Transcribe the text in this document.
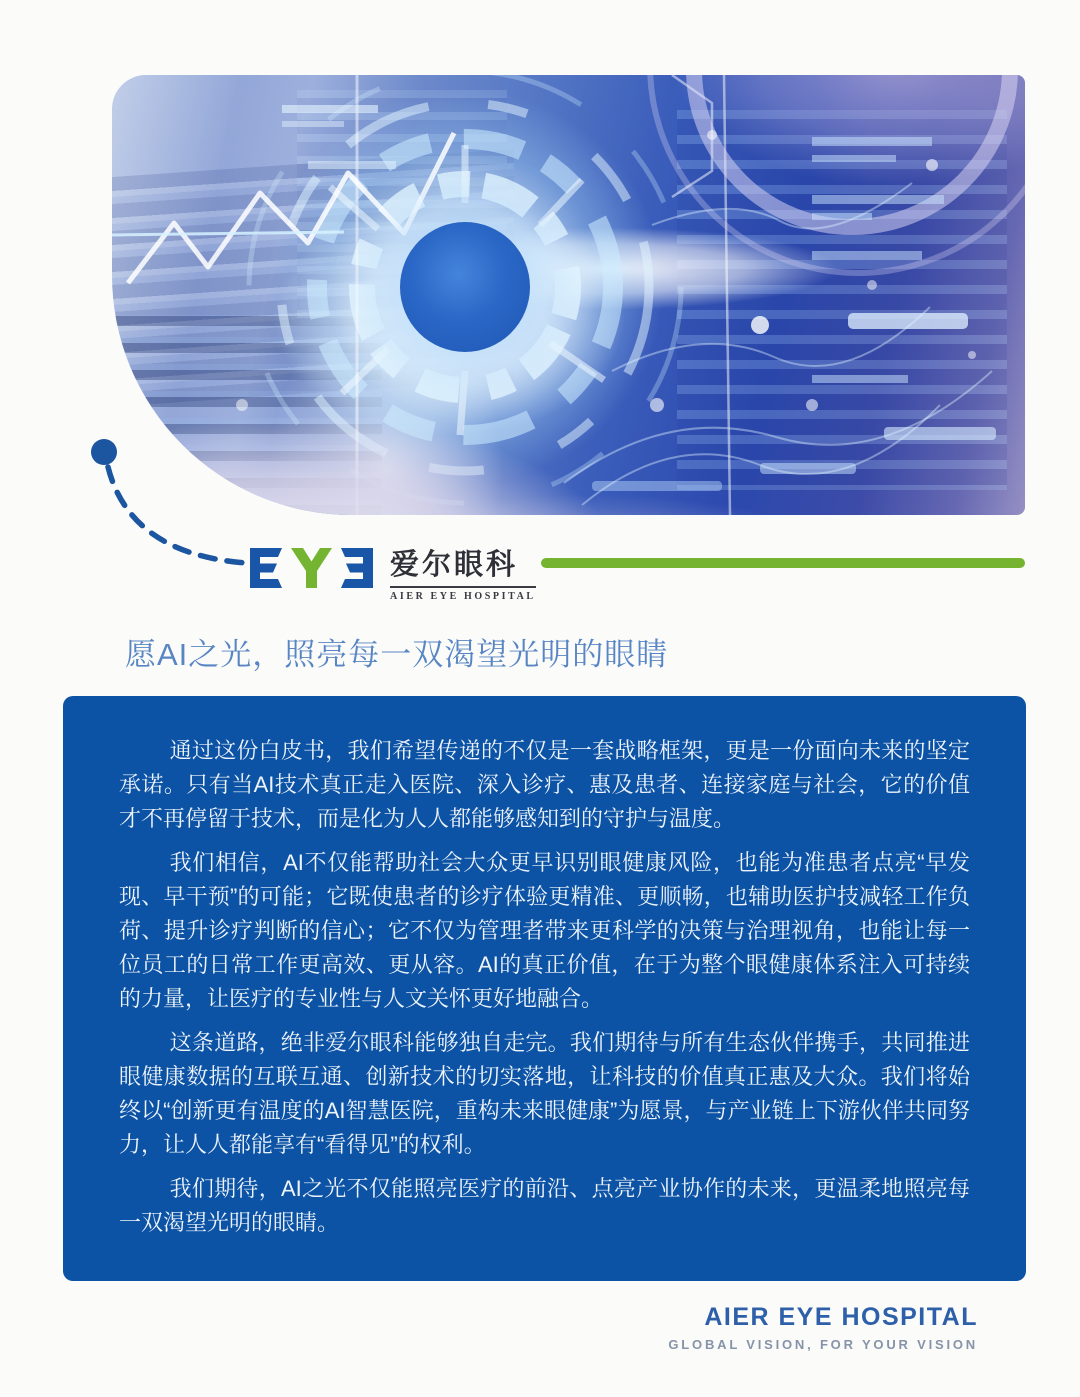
爱尔眼科
AIER EYE HOSPITAL
愿AI之光，照亮每一双渴望光明的眼睛

通过这份白皮书，我们希望传递的不仅是一套战略框架，更是一份面向未来的坚定承诺。只有当AI技术真正走入医院、深入诊疗、惠及患者、连接家庭与社会，它的价值才不再停留于技术，而是化为人人都能够感知到的守护与温度。

我们相信，AI不仅能帮助社会大众更早识别眼健康风险，也能为准患者点亮“早发现、早干预”的可能；它既使患者的诊疗体验更精准、更顺畅，也辅助医护技减轻工作负荷、提升诊疗判断的信心；它不仅为管理者带来更科学的决策与治理视角，也能让每一位员工的日常工作更高效、更从容。AI的真正价值，在于为整个眼健康体系注入可持续的力量，让医疗的专业性与人文关怀更好地融合。

这条道路，绝非爱尔眼科能够独自走完。我们期待与所有生态伙伴携手，共同推进眼健康数据的互联互通、创新技术的切实落地，让科技的价值真正惠及大众。我们将始终以“创新更有温度的AI智慧医院，重构未来眼健康”为愿景，与产业链上下游伙伴共同努力，让人人都能享有“看得见”的权利。

我们期待，AI之光不仅能照亮医疗的前沿、点亮产业协作的未来，更温柔地照亮每一双渴望光明的眼睛。

AIER EYE HOSPITAL
GLOBAL VISION, FOR YOUR VISION
